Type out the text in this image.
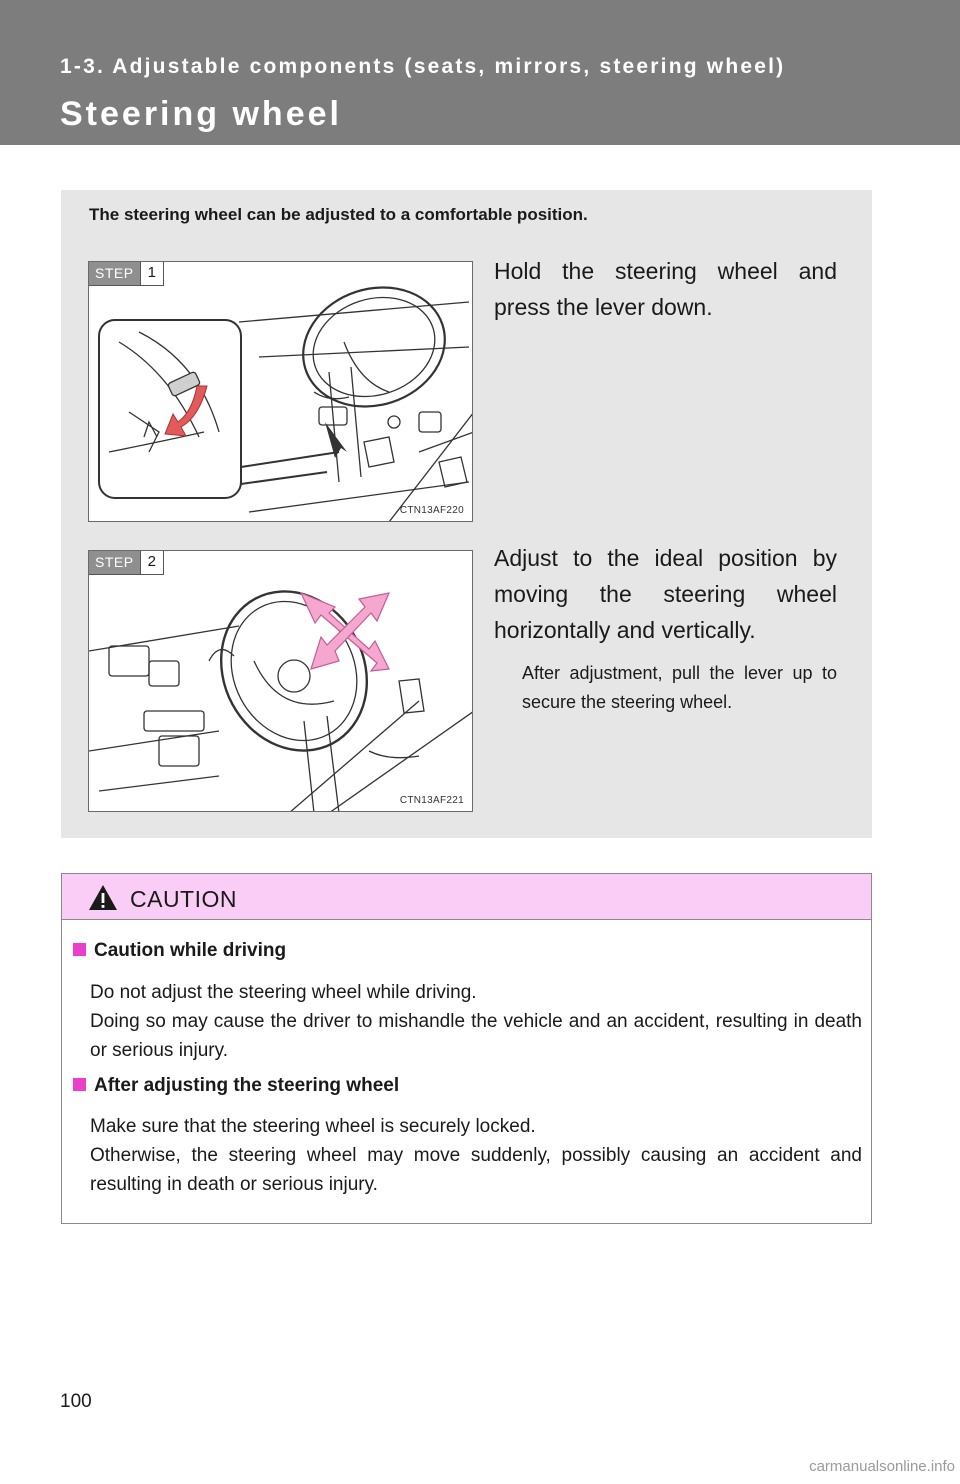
1-3. Adjustable components (seats, mirrors, steering wheel)
Steering wheel
The steering wheel can be adjusted to a comfortable position.
STEP 1
CTN13AF220
Hold the steering wheel and press the lever down.
STEP 2
CTN13AF221
Adjust to the ideal position by moving the steering wheel horizontally and vertically.
After adjustment, pull the lever up to secure the steering wheel.
CAUTION
Caution while driving
Do not adjust the steering wheel while driving.
Doing so may cause the driver to mishandle the vehicle and an accident, resulting in death or serious injury.
After adjusting the steering wheel
Make sure that the steering wheel is securely locked.
Otherwise, the steering wheel may move suddenly, possibly causing an accident and resulting in death or serious injury.
100
carmanualsonline.info
